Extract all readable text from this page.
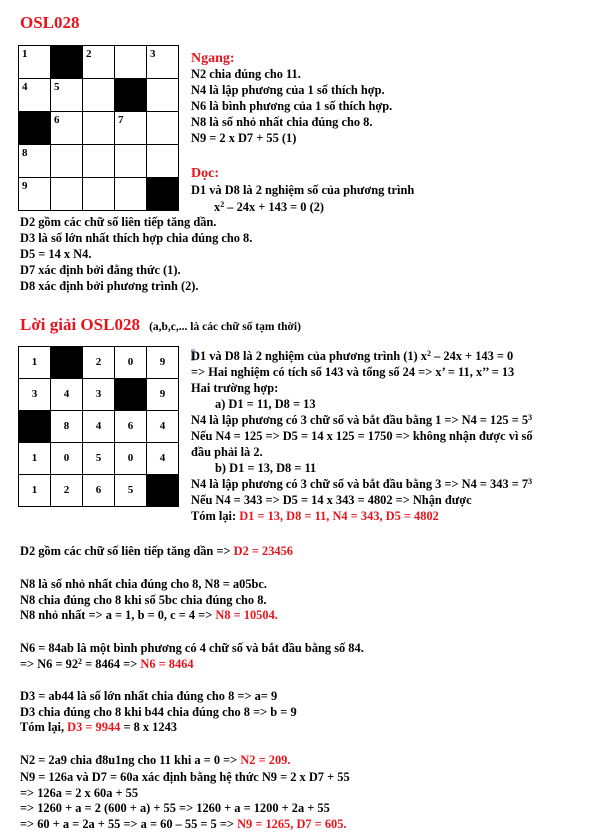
OSL028
1		2		3

4	5			

	6		7	

8				

9				

Ngang:
N2 chia đúng cho 11.
N4 là lập phương của 1 số thích hợp.
N6 là bình phương của 1 số thích hợp.
N8 là số nhỏ nhất chia đúng cho 8.
N9 = 2 x D7 + 55 (1)
Dọc:
D1 và D8 là 2 nghiệm số của phương trình
$x^2 - 24x + 143 = 0$ (2)
D2 gồm các chữ số liên tiếp tăng dần.
D3 là số lớn nhất thích hợp chia đúng cho 8.
D5 = 14 x N4.
D7 xác định bởi đẳng thức (1).
D8 xác định bởi phương trình (2).
Lời giải OSL028 (a,b,c,... là các chữ số tạm thời)
1		2	0	9
3	4	3		9
	8	4	6	4
1	0	5	0	4
1	2	6	5	
D1 và D8 là 2 nghiệm của phương trình (1) $x^2 - 24x + 143 = 0$
=> Hai nghiệm có tích số 143 và tổng số 24 => x’ = 11, x’’ = 13
Hai trường hợp:
a) D1 = 11, D8 = 13
N4 là lập phương có 3 chữ số và bắt đầu bằng $1 => N4 = 125 = 5^3$
Nếu N4 = 125 => D5 = 14 x 125 = 1750 => không nhận được vì số
đầu phải là 2.
b) D1 = 13, D8 = 11
N4 là lập phương có 3 chữ số và bắt đầu bằng $3 => N4 = 343 = 7^3$
Nếu N4 = 343 => D5 = 14 x 343 = 4802 => Nhận được
Tóm lại: D1 = 13, D8 = 11, N4 = 343, D5 = 4802
D2 gồm các chữ số liên tiếp tăng dần => D2 = 23456
N8 là số nhỏ nhất chia đúng cho 8, N8 = a05bc.
N8 chia đúng cho 8 khi số 5bc chia đúng cho 8.
N8 nhỏ nhất => a = 1, b = 0, c = 4 => N8 = 10504.
N6 = 84ab là một bình phương có 4 chữ số và bắt đầu bằng số 84.
=> $N6 = 92^2 = 8464 => N6 = 8464$
D3 = ab44 là số lớn nhất chia đúng cho 8 => a= 9
D3 chia đúng cho 8 khi b44 chia đúng cho 8 => b = 9
Tóm lại, D3 = 9944 = 8 x 1243
N2 = 2a9 chia đ8u1ng cho 11 khi a = 0 => N2 = 209.
N9 = 126a và D7 = 60a xác định bằng hệ thức N9 = 2 x D7 + 55
=> 126a = 2 x 60a + 55
=> 1260 + a = 2 (600 + a) + 55 => 1260 + a = 1200 + 2a + 55
=> 60 + a = 2a + 55 => a = 60 – 55 = 5 => N9 = 1265, D7 = 605.
